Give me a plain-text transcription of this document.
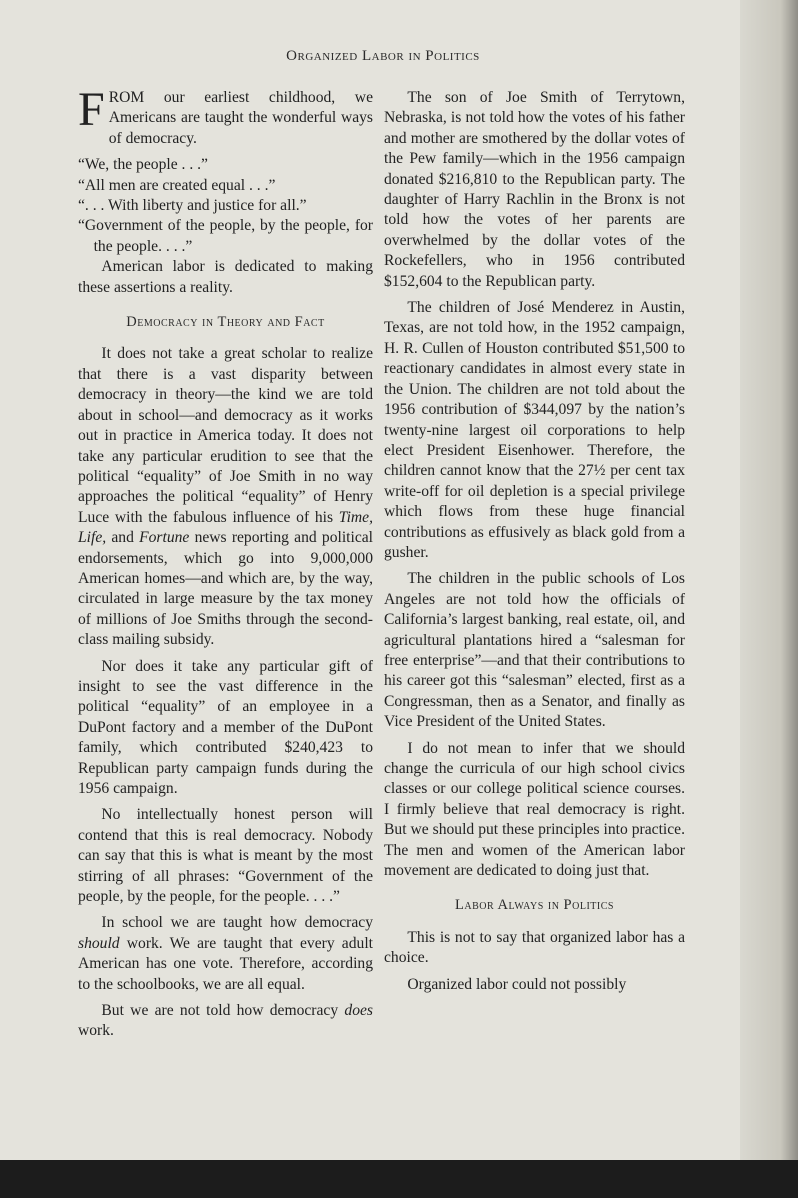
Organized Labor in Politics

FROM our earliest childhood, we Americans are taught the wonderful ways of democracy.

“We, the people . . .”

“All men are created equal . . .”

“. . . With liberty and justice for all.”

“Government of the people, by the people, for the people. . . .”

American labor is dedicated to making these assertions a reality.

Democracy in Theory and Fact

It does not take a great scholar to realize that there is a vast disparity between democracy in theory—the kind we are told about in school—and democracy as it works out in practice in America today. It does not take any particular erudition to see that the political “equality” of Joe Smith in no way approaches the political “equality” of Henry Luce with the fabulous influence of his Time, Life, and Fortune news reporting and political endorsements, which go into 9,000,000 American homes—and which are, by the way, circulated in large measure by the tax money of millions of Joe Smiths through the second-class mailing subsidy.

Nor does it take any particular gift of insight to see the vast difference in the political “equality” of an employee in a DuPont factory and a member of the DuPont family, which contributed $240,423 to Republican party campaign funds during the 1956 campaign.

No intellectually honest person will contend that this is real democracy. Nobody can say that this is what is meant by the most stirring of all phrases: “Government of the people, by the people, for the people. . . .”

In school we are taught how democracy should work. We are taught that every adult American has one vote. Therefore, according to the schoolbooks, we are all equal.

But we are not told how democracy does work.

The son of Joe Smith of Terrytown, Nebraska, is not told how the votes of his father and mother are smothered by the dollar votes of the Pew family—which in the 1956 campaign donated $216,810 to the Republican party. The daughter of Harry Rachlin in the Bronx is not told how the votes of her parents are overwhelmed by the dollar votes of the Rockefellers, who in 1956 contributed $152,604 to the Republican party.

The children of José Menderez in Austin, Texas, are not told how, in the 1952 campaign, H. R. Cullen of Houston contributed $51,500 to reactionary candidates in almost every state in the Union. The children are not told about the 1956 contribution of $344,097 by the nation’s twenty-nine largest oil corporations to help elect President Eisenhower. Therefore, the children cannot know that the 27½ per cent tax write-off for oil depletion is a special privilege which flows from these huge financial contributions as effusively as black gold from a gusher.

The children in the public schools of Los Angeles are not told how the officials of California’s largest banking, real estate, oil, and agricultural plantations hired a “salesman for free enterprise”—and that their contributions to his career got this “salesman” elected, first as a Congressman, then as a Senator, and finally as Vice President of the United States.

I do not mean to infer that we should change the curricula of our high school civics classes or our college political science courses. I firmly believe that real democracy is right. But we should put these principles into practice. The men and women of the American labor movement are dedicated to doing just that.

Labor Always in Politics

This is not to say that organized labor has a choice.

Organized labor could not possibly
